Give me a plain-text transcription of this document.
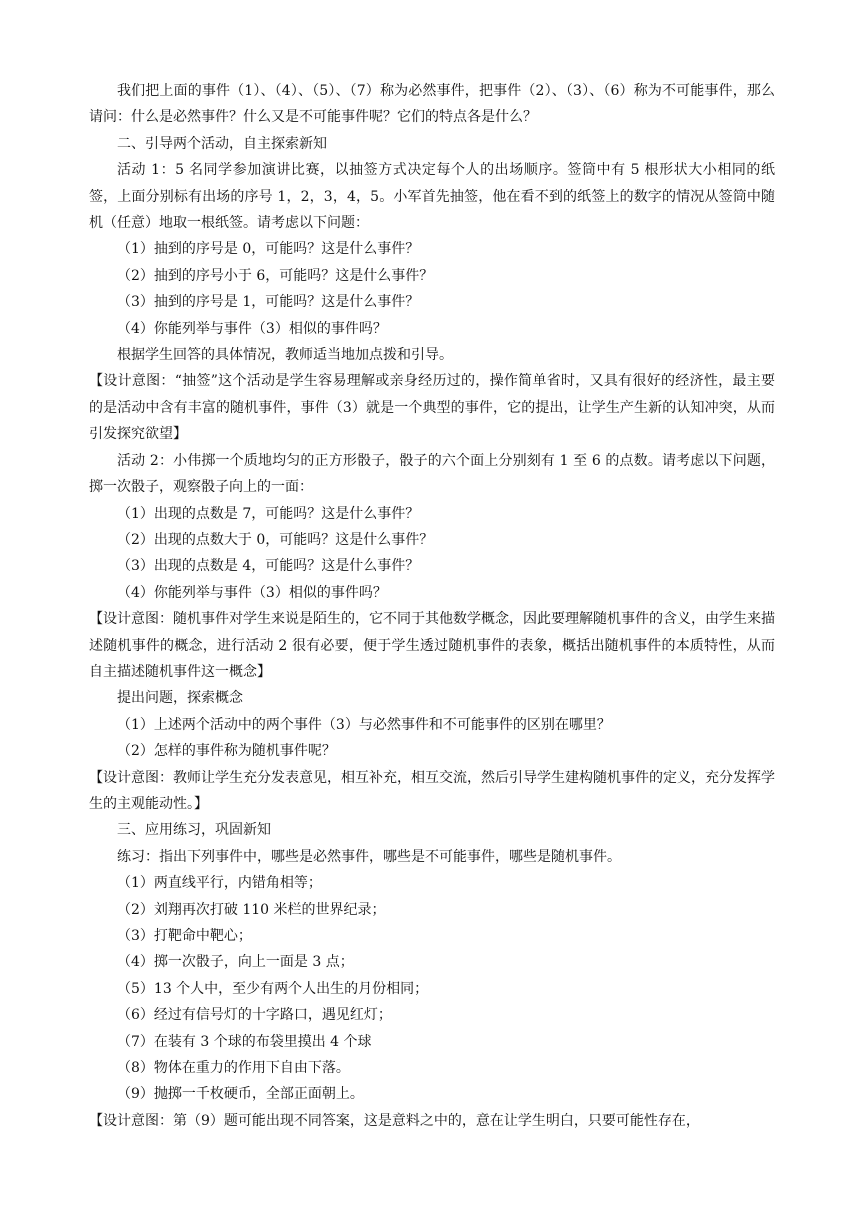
我们把上面的事件（1）、（4）、（5）、（7）称为必然事件，把事件（2）、（3）、（6）称为不可能事件，那么请问：什么是必然事件？什么又是不可能事件呢？它们的特点各是什么？

二、引导两个活动，自主探索新知

活动 1：5 名同学参加演讲比赛，以抽签方式决定每个人的出场顺序。签筒中有 5 根形状大小相同的纸签，上面分别标有出场的序号 1，2，3，4，5。小军首先抽签，他在看不到的纸签上的数字的情况从签筒中随机（任意）地取一根纸签。请考虑以下问题：

（1）抽到的序号是 0，可能吗？这是什么事件？

（2）抽到的序号小于 6，可能吗？这是什么事件？

（3）抽到的序号是 1，可能吗？这是什么事件？

（4）你能列举与事件（3）相似的事件吗？

根据学生回答的具体情况，教师适当地加点拨和引导。

【设计意图：“抽签”这个活动是学生容易理解或亲身经历过的，操作简单省时，又具有很好的经济性，最主要的是活动中含有丰富的随机事件，事件（3）就是一个典型的事件，它的提出，让学生产生新的认知冲突，从而引发探究欲望】

活动 2：小伟掷一个质地均匀的正方形骰子，骰子的六个面上分别刻有 1 至 6 的点数。请考虑以下问题，掷一次骰子，观察骰子向上的一面：

（1）出现的点数是 7，可能吗？这是什么事件？

（2）出现的点数大于 0，可能吗？这是什么事件？

（3）出现的点数是 4，可能吗？这是什么事件？

（4）你能列举与事件（3）相似的事件吗？

【设计意图：随机事件对学生来说是陌生的，它不同于其他数学概念，因此要理解随机事件的含义，由学生来描述随机事件的概念，进行活动 2 很有必要，便于学生透过随机事件的表象，概括出随机事件的本质特性，从而自主描述随机事件这一概念】

提出问题，探索概念

（1）上述两个活动中的两个事件（3）与必然事件和不可能事件的区别在哪里？

（2）怎样的事件称为随机事件呢？

【设计意图：教师让学生充分发表意见，相互补充，相互交流，然后引导学生建构随机事件的定义，充分发挥学生的主观能动性。】

三、应用练习，巩固新知

练习：指出下列事件中，哪些是必然事件，哪些是不可能事件，哪些是随机事件。

（1）两直线平行，内错角相等；

（2）刘翔再次打破 110 米栏的世界纪录；

（3）打靶命中靶心；

（4）掷一次骰子，向上一面是 3 点；

（5）13 个人中，至少有两个人出生的月份相同；

（6）经过有信号灯的十字路口，遇见红灯；

（7）在装有 3 个球的布袋里摸出 4 个球

（8）物体在重力的作用下自由下落。

（9）抛掷一千枚硬币，全部正面朝上。

【设计意图：第（9）题可能出现不同答案，这是意料之中的，意在让学生明白，只要可能性存在，
